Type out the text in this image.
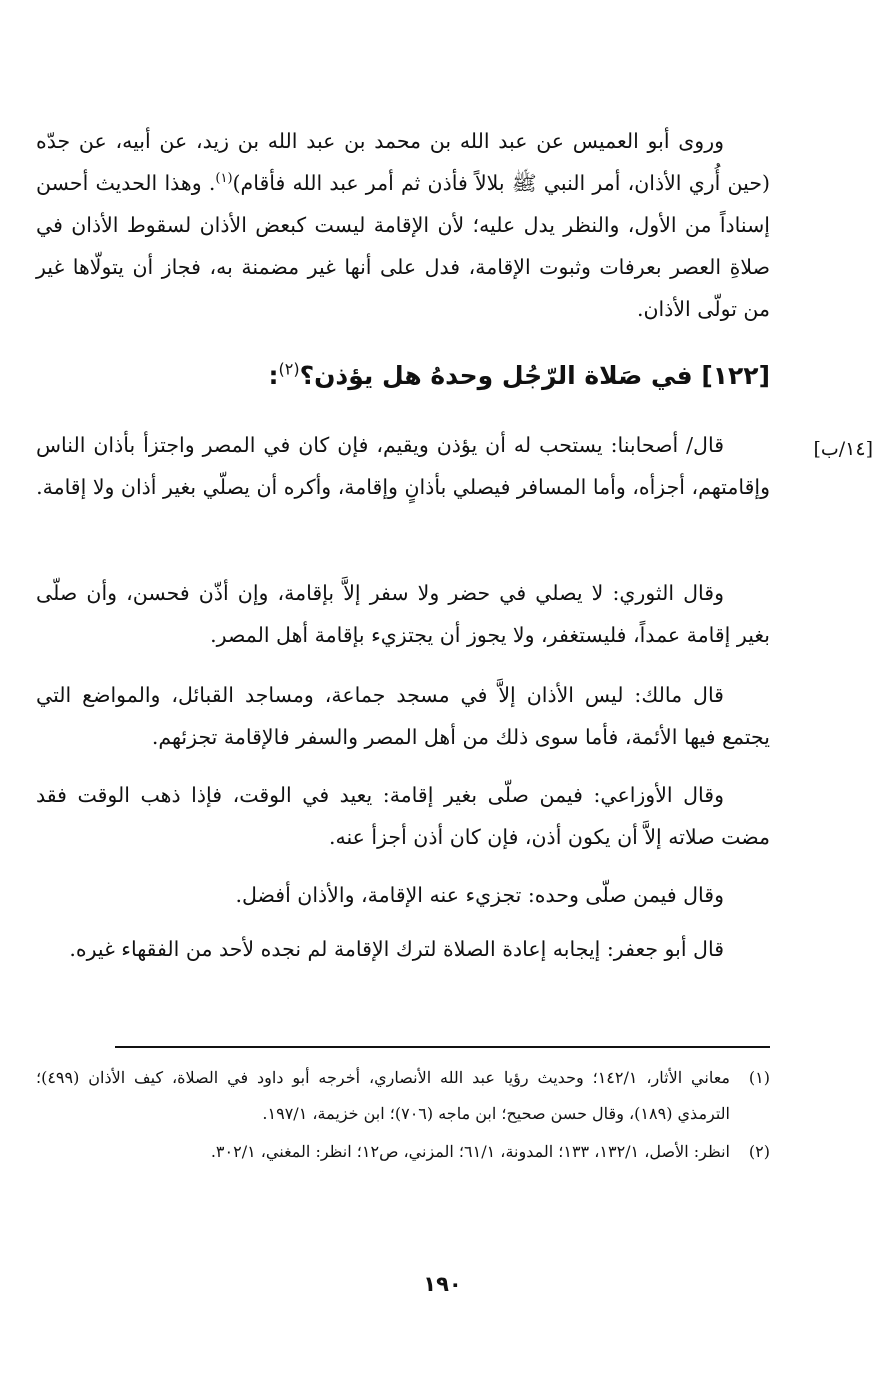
وروى أبو العميس عن عبد الله بن محمد بن عبد الله بن زيد، عن أبيه، عن جدّه (حين أُري الأذان، أمر النبي ﷺ بلالاً فأذن ثم أمر عبد الله فأقام)$^{(١)}$. وهذا الحديث أحسن إسناداً من الأول، والنظر يدل عليه؛ لأن الإقامة ليست كبعض الأذان لسقوط الأذان في صلاةِ العصر بعرفات وثبوت الإقامة، فدل على أنها غير مضمنة به، فجاز أن يتولّاها غير من تولّى الأذان.

[١٢٢] في صَلاة الرّجُل وحدهُ هل يؤذن؟$^{(٢)}$:
[١٤/ب]

قال/ أصحابنا: يستحب له أن يؤذن ويقيم، فإن كان في المصر واجتزأ بأذان الناس وإقامتهم، أجزأه، وأما المسافر فيصلي بأذانٍ وإقامة، وأكره أن يصلّي بغير أذان ولا إقامة.

وقال الثوري: لا يصلي في حضر ولا سفر إلاَّ بإقامة، وإن أذّن فحسن، وأن صلّى بغير إقامة عمداً، فليستغفر، ولا يجوز أن يجتزيء بإقامة أهل المصر.

قال مالك: ليس الأذان إلاَّ في مسجد جماعة، ومساجد القبائل، والمواضع التي يجتمع فيها الأئمة، فأما سوى ذلك من أهل المصر والسفر فالإقامة تجزئهم.

وقال الأوزاعي: فيمن صلّى بغير إقامة: يعيد في الوقت، فإذا ذهب الوقت فقد مضت صلاته إلاَّ أن يكون أذن، فإن كان أذن أجزأ عنه.

وقال فيمن صلّى وحده: تجزيء عنه الإقامة، والأذان أفضل.

قال أبو جعفر: إيجابه إعادة الصلاة لترك الإقامة لم نجده لأحد من الفقهاء غيره.

(١)
معاني الأثار، ١٤٢/١؛ وحديث رؤيا عبد الله الأنصاري، أخرجه أبو داود في الصلاة، كيف الأذان (٤٩٩)؛ الترمذي (١٨٩)، وقال حسن صحيح؛ ابن ماجه (٧٠٦)؛ ابن خزيمة، ١٩٧/١.

(٢)
انظر: الأصل، ١٣٢/١، ١٣٣؛ المدونة، ٦١/١؛ المزني، ص١٢؛ انظر: المغني، ٣٠٢/١.

١٩٠
